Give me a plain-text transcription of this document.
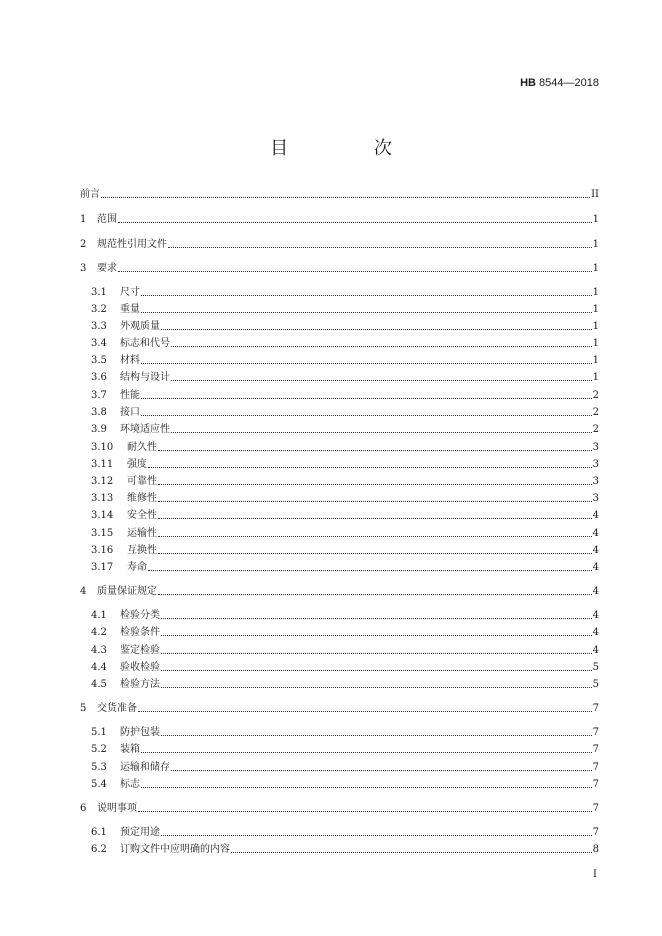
HB 8544—2018
目 次
前言	II
1	范围	1
2	规范性引用文件	1
3	要求	1
3.1	尺寸	1
3.2	重量	1
3.3	外观质量	1
3.4	标志和代号	1
3.5	材料	1
3.6	结构与设计	1
3.7	性能	2
3.8	接口	2
3.9	环境适应性	2
3.10	耐久性	3
3.11	强度	3
3.12	可靠性	3
3.13	维修性	3
3.14	安全性	4
3.15	运输性	4
3.16	互换性	4
3.17	寿命	4
4	质量保证规定	4
4.1	检验分类	4
4.2	检验条件	4
4.3	鉴定检验	4
4.4	验收检验	5
4.5	检验方法	5
5	交货准备	7
5.1	防护包装	7
5.2	装箱	7
5.3	运输和储存	7
5.4	标志	7
6	说明事项	7
6.1	预定用途	7
6.2	订购文件中应明确的内容	8
I
